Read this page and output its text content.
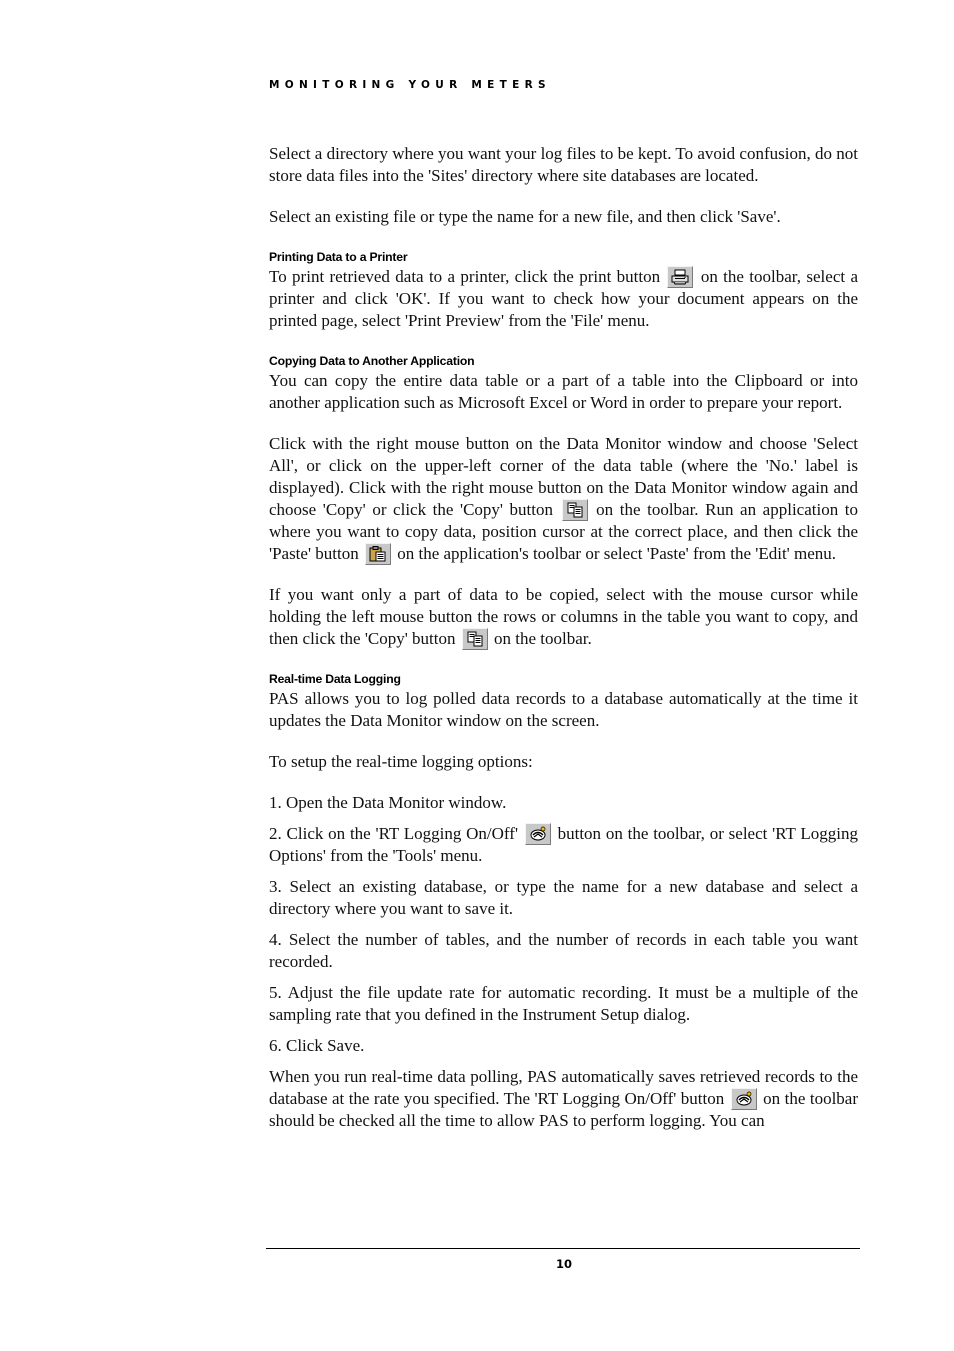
MONITORING YOUR METERS

Select a directory where you want your log files to be kept. To avoid confusion, do not store data files into the 'Sites' directory where site databases are located.

Select an existing file or type the name for a new file, and then click 'Save'.

Printing Data to a Printer

To print retrieved data to a printer, click the print button on the toolbar, select a printer and click 'OK'. If you want to check how your document appears on the printed page, select 'Print Preview' from the 'File' menu.

Copying Data to Another Application

You can copy the entire data table or a part of a table into the Clipboard or into another application such as Microsoft Excel or Word in order to prepare your report.

Click with the right mouse button on the Data Monitor window and choose 'Select All', or click on the upper-left corner of the data table (where the 'No.' label is displayed). Click with the right mouse button on the Data Monitor window again and choose 'Copy' or click the 'Copy' button	on the toolbar. Run an application to where you want to copy data, position cursor at the correct place, and then click the 'Paste' button on the application's toolbar or select 'Paste' from the 'Edit' menu.

If you want only a part of data to be copied, select with the mouse cursor while holding the left mouse button the rows or columns in the table you want to copy, and then click the 'Copy' button on the toolbar.

Real-time Data Logging

PAS allows you to log polled data records to a database automatically at the time it updates the Data Monitor window on the screen.

To setup the real-time logging options:

1. Open the Data Monitor window.

2. Click on the 'RT Logging On/Off' button on the toolbar, or select 'RT Logging Options' from the 'Tools' menu.

3. Select an existing database, or type the name for a new database and select a directory where you want to save it.

4. Select the number of tables, and the number of records in each table you want recorded.

5. Adjust the file update rate for automatic recording. It must be a multiple of the sampling rate that you defined in the Instrument Setup dialog.

6. Click Save.

When you run real-time data polling, PAS automatically saves retrieved records to the database at the rate you specified. The 'RT Logging On/Off' button on the toolbar should be checked all the time to allow PAS to perform logging. You can

10
